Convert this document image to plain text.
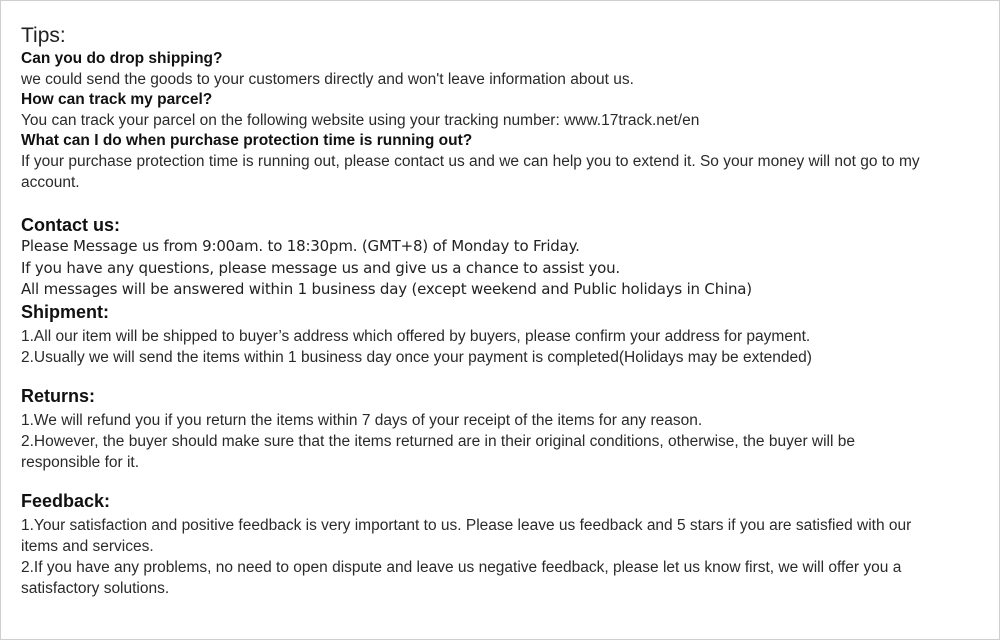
Tips:

Can you do drop shipping?

we could send the goods to your customers directly and won't leave information about us.

How can track my parcel?

You can track your parcel on the following website using your tracking number: www.17track.net/en

What can I do when purchase protection time is running out?

If your purchase protection time is running out, please contact us and we can help you to extend it. So your money will not go to my

account.

Contact us:

Please Message us from 9:00am. to 18:30pm. (GMT+8) of Monday to Friday.

If you have any questions, please message us and give us a chance to assist you.

All messages will be answered within 1 business day (except weekend and Public holidays in China)

Shipment:

1.All our item will be shipped to buyer’s address which offered by buyers, please confirm your address for payment.

2.Usually we will send the items within 1 business day once your payment is completed(Holidays may be extended)

Returns:

1.We will refund you if you return the items within 7 days of your receipt of the items for any reason.

2.However, the buyer should make sure that the items returned are in their original conditions, otherwise, the buyer will be

responsible for it.

Feedback:

1.Your satisfaction and positive feedback is very important to us. Please leave us feedback and 5 stars if you are satisfied with our

items and services.

2.If you have any problems, no need to open dispute and leave us negative feedback, please let us know first, we will offer you a

satisfactory solutions.
